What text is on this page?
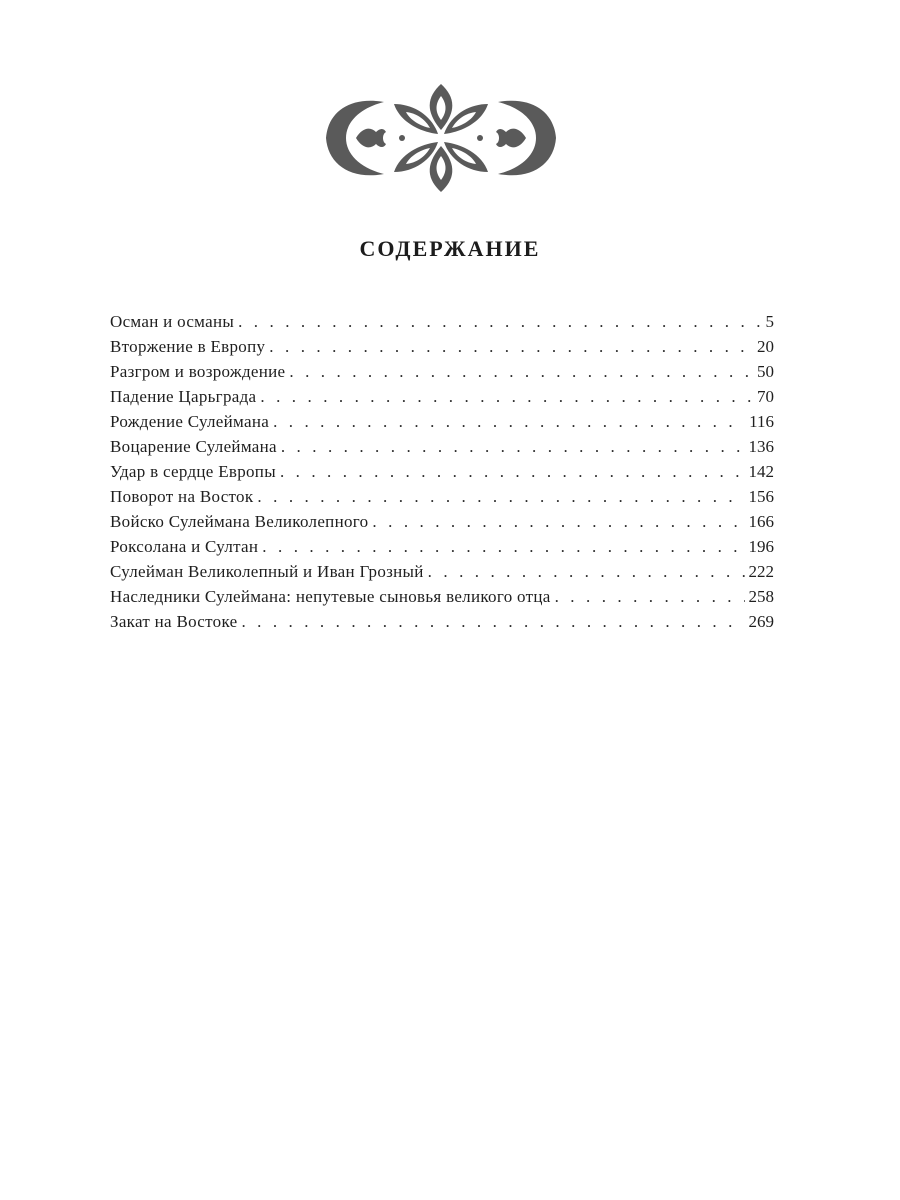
СОДЕРЖАНИЕ
Осман и османы . . .	5
Вторжение в Европу . . .	20
Разгром и возрождение . . .	50
Падение Царьграда . . .	70
Рождение Сулеймана . . .	116
Воцарение Сулеймана . . .	136
Удар в сердце Европы . . .	142
Поворот на Восток . . .	156
Войско Сулеймана Великолепного . . .	166
Роксолана и Султан . . .	196
Сулейман Великолепный и Иван Грозный . . .	222
Наследники Сулеймана: непутевые сыновья великого отца . . .	258
Закат на Востоке . . .	269
